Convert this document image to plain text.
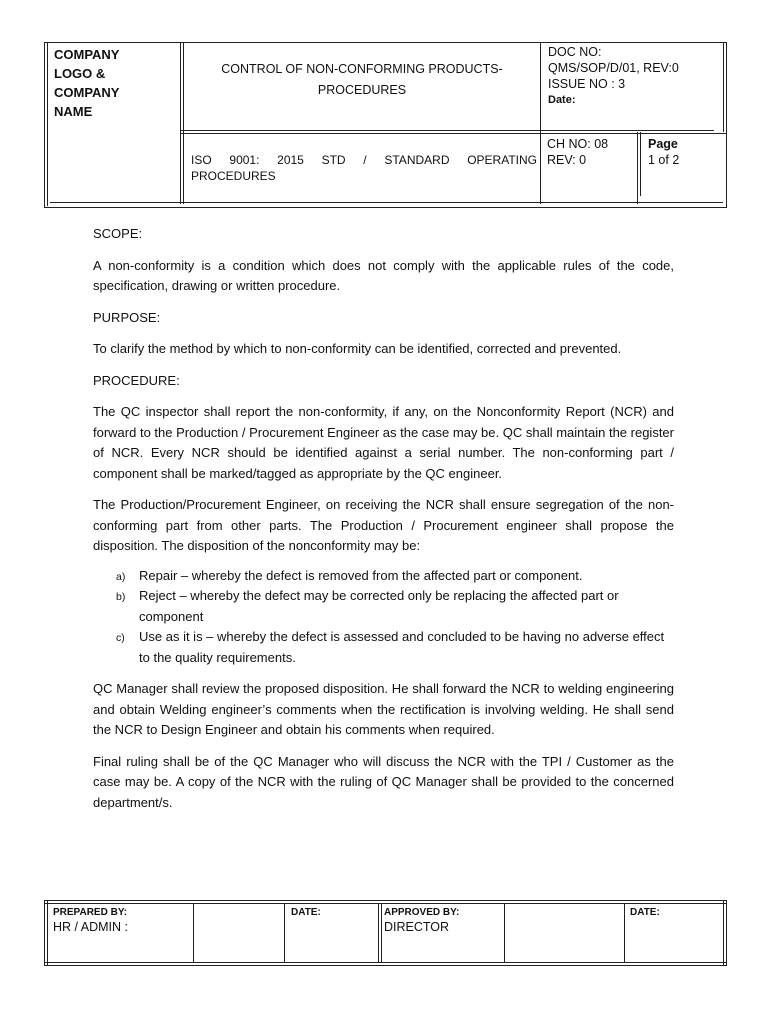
COMPANY
LOGO &
COMPANY
NAME
CONTROL OF NON-CONFORMING PRODUCTS-
PROCEDURES
DOC NO:
QMS/SOP/D/01, REV:0
ISSUE NO : 3
Date:
ISO 9001: 2015 STD / STANDARD OPERATING
PROCEDURES
CH NO: 08
REV: 0
Page
1 of 2
SCOPE:
A non-conformity is a condition which does not comply with the applicable rules of the code, specification, drawing or written procedure.
PURPOSE:
To clarify the method by which to non-conformity can be identified, corrected and prevented.
PROCEDURE:
The QC inspector shall report the non-conformity, if any, on the Nonconformity Report (NCR) and forward to the Production / Procurement Engineer as the case may be. QC shall maintain the register of NCR. Every NCR should be identified against a serial number. The non-conforming part / component shall be marked/tagged as appropriate by the QC engineer.
The Production/Procurement Engineer, on receiving the NCR shall ensure segregation of the non-conforming part from other parts. The Production / Procurement engineer shall propose the disposition. The disposition of the nonconformity may be:
a) Repair – whereby the defect is removed from the affected part or component.
b) Reject – whereby the defect may be corrected only be replacing the affected part or component
c) Use as it is – whereby the defect is assessed and concluded to be having no adverse effect to the quality requirements.
QC Manager shall review the proposed disposition. He shall forward the NCR to welding engineering and obtain Welding engineer’s comments when the rectification is involving welding. He shall send the NCR to Design Engineer and obtain his comments when required.
Final ruling shall be of the QC Manager who will discuss the NCR with the TPI / Customer as the case may be. A copy of the NCR with the ruling of QC Manager shall be provided to the concerned department/s.
PREPARED BY:
HR / ADMIN :
DATE:	APPROVED BY:
DIRECTOR
DATE:
